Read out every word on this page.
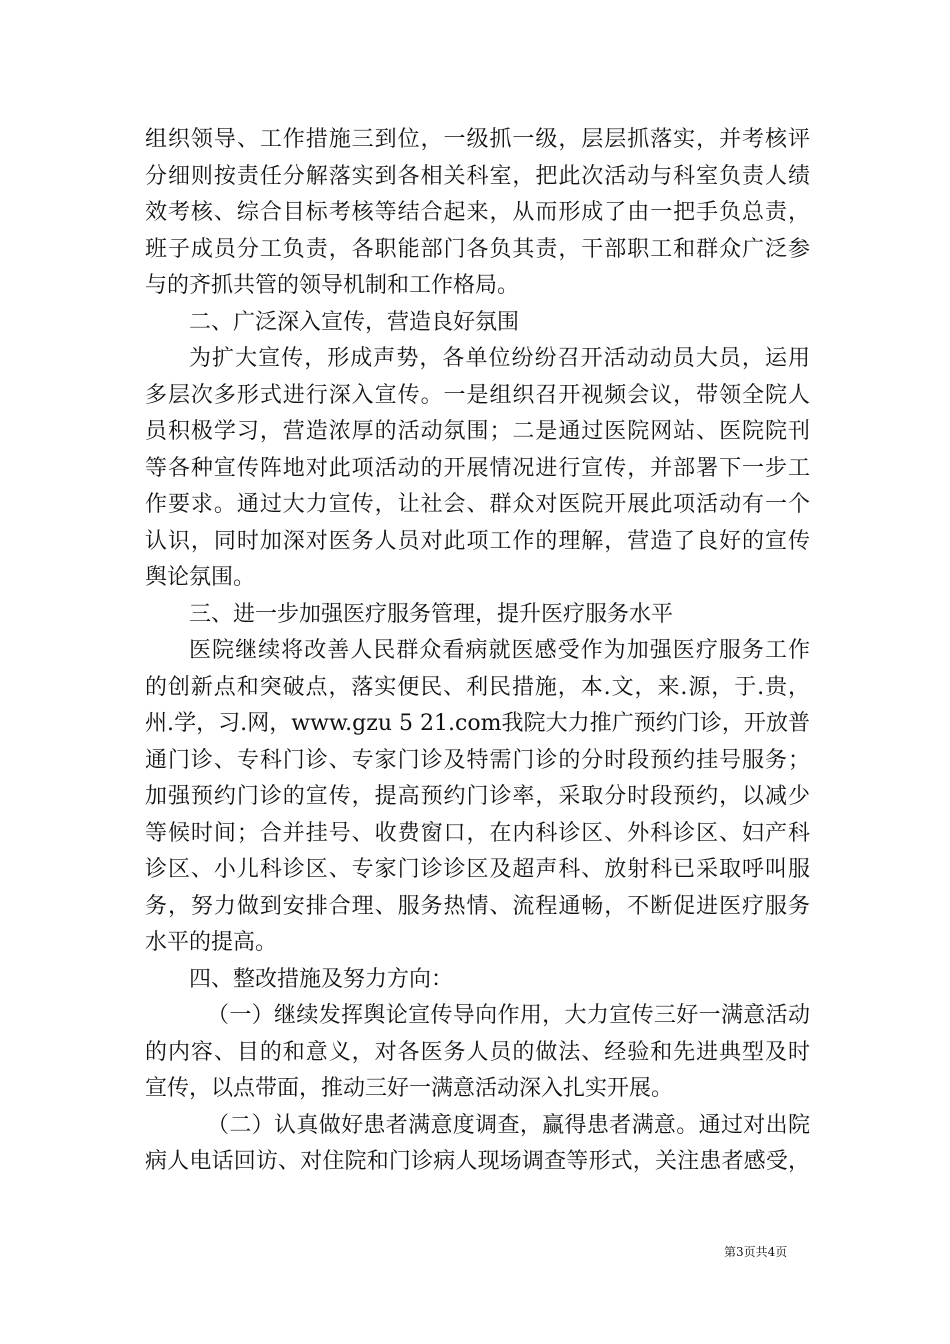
组织领导、工作措施三到位，一级抓一级，层层抓落实，并考核评
分细则按责任分解落实到各相关科室，把此次活动与科室负责人绩
效考核、综合目标考核等结合起来，从而形成了由一把手负总责，
班子成员分工负责，各职能部门各负其责，干部职工和群众广泛参
与的齐抓共管的领导机制和工作格局。
二、广泛深入宣传，营造良好氛围
为扩大宣传，形成声势，各单位纷纷召开活动动员大员，运用
多层次多形式进行深入宣传。一是组织召开视频会议，带领全院人
员积极学习，营造浓厚的活动氛围；二是通过医院网站、医院院刊
等各种宣传阵地对此项活动的开展情况进行宣传，并部署下一步工
作要求。通过大力宣传，让社会、群众对医院开展此项活动有一个
认识，同时加深对医务人员对此项工作的理解，营造了良好的宣传
舆论氛围。
三、进一步加强医疗服务管理，提升医疗服务水平
医院继续将改善人民群众看病就医感受作为加强医疗服务工作
的创新点和突破点，落实便民、利民措施，本.文，来.源，于.贵，
州.学，习.网，www.gzu 5 21.com我院大力推广预约门诊，开放普
通门诊、专科门诊、专家门诊及特需门诊的分时段预约挂号服务；
加强预约门诊的宣传，提高预约门诊率，采取分时段预约，以减少
等候时间；合并挂号、收费窗口，在内科诊区、外科诊区、妇产科
诊区、小儿科诊区、专家门诊诊区及超声科、放射科已采取呼叫服
务，努力做到安排合理、服务热情、流程通畅，不断促进医疗服务
水平的提高。
四、整改措施及努力方向：
（一）继续发挥舆论宣传导向作用，大力宣传三好一满意活动
的内容、目的和意义，对各医务人员的做法、经验和先进典型及时
宣传，以点带面，推动三好一满意活动深入扎实开展。
（二）认真做好患者满意度调查，赢得患者满意。通过对出院
病人电话回访、对住院和门诊病人现场调查等形式，关注患者感受，
第3页共4页
